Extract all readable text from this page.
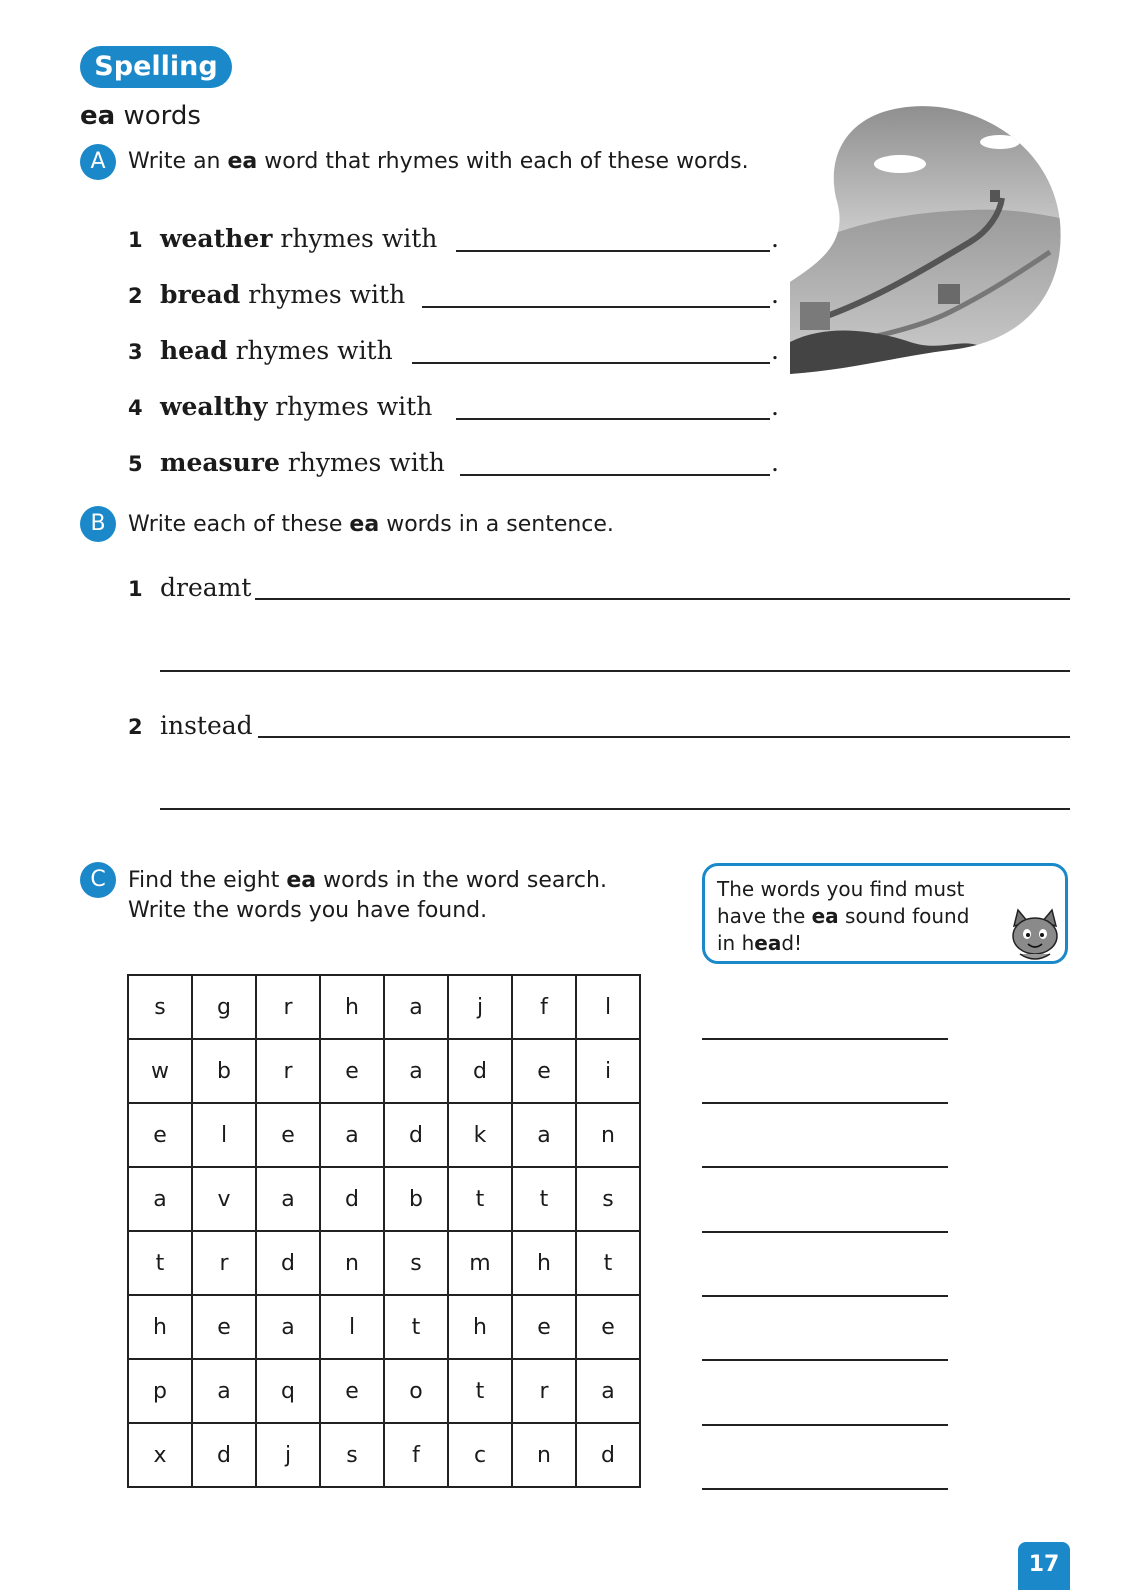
Spelling
ea words
A	Write an ea word that rhymes with each of these words.
1 weather rhymes with	.
2 bread rhymes with	.
3 head rhymes with	.
4 wealthy rhymes with	.
5 measure rhymes with	.
B	Write each of these ea words in a sentence.
1 dreamt
2 instead
C	Find the eight ea words in the word search.
Write the words you have found.
The words you find must
have the ea sound found
in head!
s	g	r	h	a	j	f	l
w	b	r	e	a	d	e	i
e	l	e	a	d	k	a	n
a	v	a	d	b	t	t	s
t	r	d	n	s	m	h	t
h	e	a	l	t	h	e	e
p	a	q	e	o	t	r	a
x	d	j	s	f	c	n	d
17
